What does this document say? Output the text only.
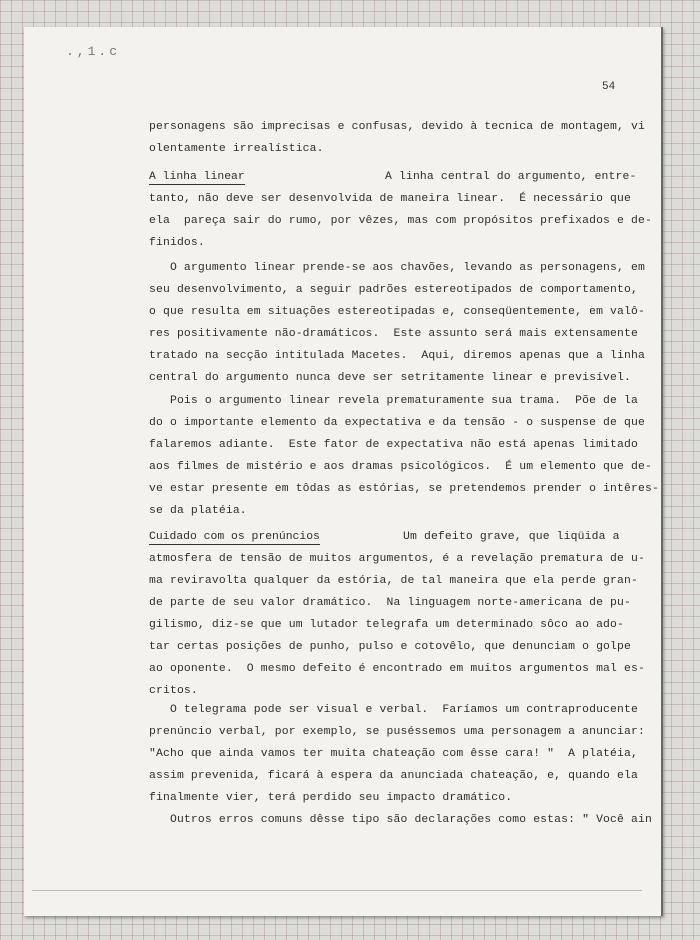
.,1.c
54
personagens são imprecisas e confusas, devido à tecnica de montagem, vi
olentamente irrealística.
A linha linear	A linha central do argumento, entre-
tanto, não deve ser desenvolvida de maneira linear.  É necessário que
ela  pareça sair do rumo, por vêzes, mas com propósitos prefixados e de-
finidos.
O argumento linear prende-se aos chavões, levando as personagens, em
seu desenvolvimento, a seguir padrões estereotipados de comportamento,
o que resulta em situações estereotipadas e, conseqüentemente, em valô-
res positivamente não-dramáticos.  Este assunto será mais extensamente
tratado na secção intitulada Macetes.  Aqui, diremos apenas que a linha
central do argumento nunca deve ser setritamente linear e previsível.
Pois o argumento linear revela prematuramente sua trama.  Põe de la
do o importante elemento da expectativa e da tensão - o suspense de que
falaremos adiante.  Este fator de expectativa não está apenas limitado
aos filmes de mistério e aos dramas psicológicos.  É um elemento que de-
ve estar presente em tôdas as estórias, se pretendemos prender o intêres-
se da platéia.
Cuidado com os prenúncios	Um defeito grave, que liqüida a
atmosfera de tensão de muitos argumentos, é a revelação prematura de u-
ma reviravolta qualquer da estória, de tal maneira que ela perde gran-
de parte de seu valor dramático.  Na linguagem norte-americana de pu-
gilismo, diz-se que um lutador telegrafa um determinado sôco ao ado-
tar certas posições de punho, pulso e cotovêlo, que denunciam o golpe
ao oponente.  O mesmo defeito é encontrado em muitos argumentos mal es-
critos.
O telegrama pode ser visual e verbal.  Faríamos um contraproducente
prenúncio verbal, por exemplo, se puséssemos uma personagem a anunciar:
"Acho que ainda vamos ter muita chateação com êsse cara! "  A platéia,
assim prevenida, ficará à espera da anunciada chateação, e, quando ela
finalmente vier, terá perdido seu impacto dramático.
Outros erros comuns dêsse tipo são declarações como estas: " Você ain
